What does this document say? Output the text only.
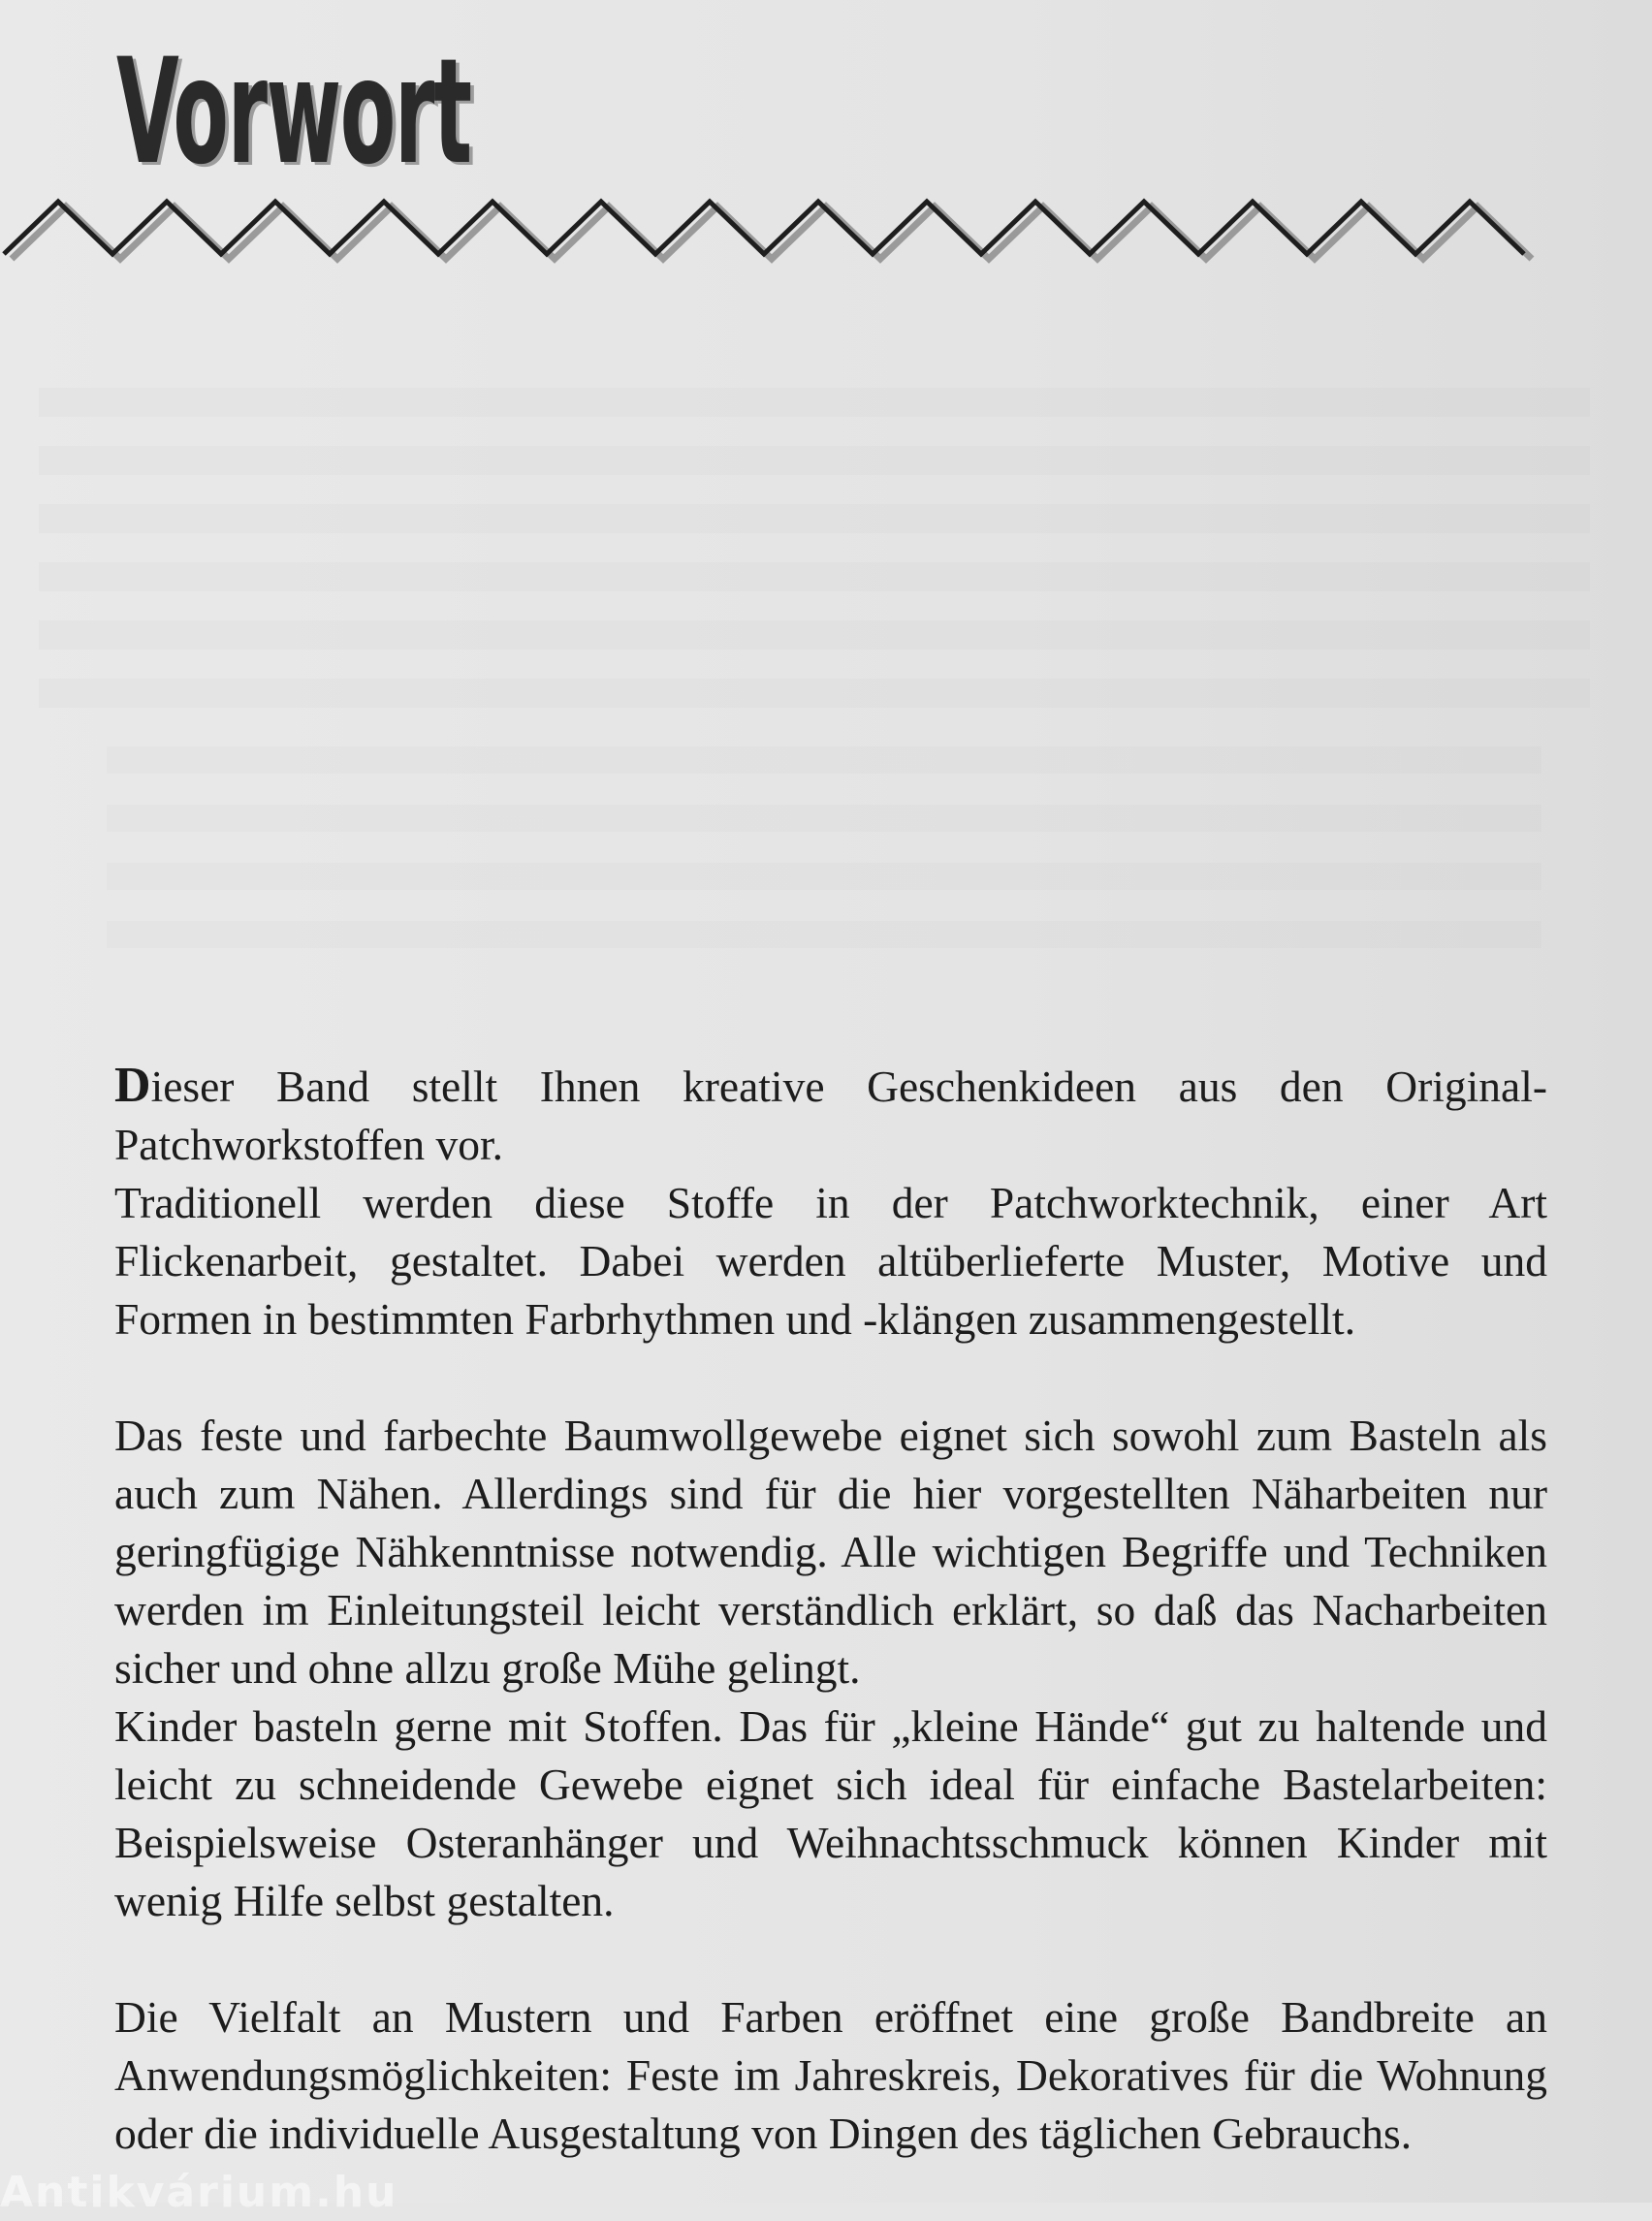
Vorwort

Dieser Band stellt Ihnen kreative Geschenkideen aus den Original-Patchworkstoffen vor.
Traditionell werden diese Stoffe in der Patchworktechnik, einer Art Flickenarbeit, gestaltet. Dabei werden altüberlieferte Muster, Motive und Formen in bestimmten Farbrhythmen und -klängen zusammengestellt.

Das feste und farbechte Baumwollgewebe eignet sich sowohl zum Basteln als auch zum Nähen. Allerdings sind für die hier vorgestellten Näharbeiten nur geringfügige Nähkenntnisse notwendig. Alle wichtigen Begriffe und Techniken werden im Einleitungsteil leicht verständlich erklärt, so daß das Nacharbeiten sicher und ohne allzu große Mühe gelingt.

Kinder basteln gerne mit Stoffen. Das für „kleine Hände“ gut zu haltende und leicht zu schneidende Gewebe eignet sich ideal für einfache Bastelarbeiten: Beispielsweise Osteranhänger und Weihnachtsschmuck können Kinder mit wenig Hilfe selbst gestalten.

Die Vielfalt an Mustern und Farben eröffnet eine große Bandbreite an Anwendungsmöglichkeiten: Feste im Jahreskreis, Dekoratives für die Wohnung oder die individuelle Ausgestaltung von Dingen des täglichen Gebrauchs.

Antikvárium.hu
